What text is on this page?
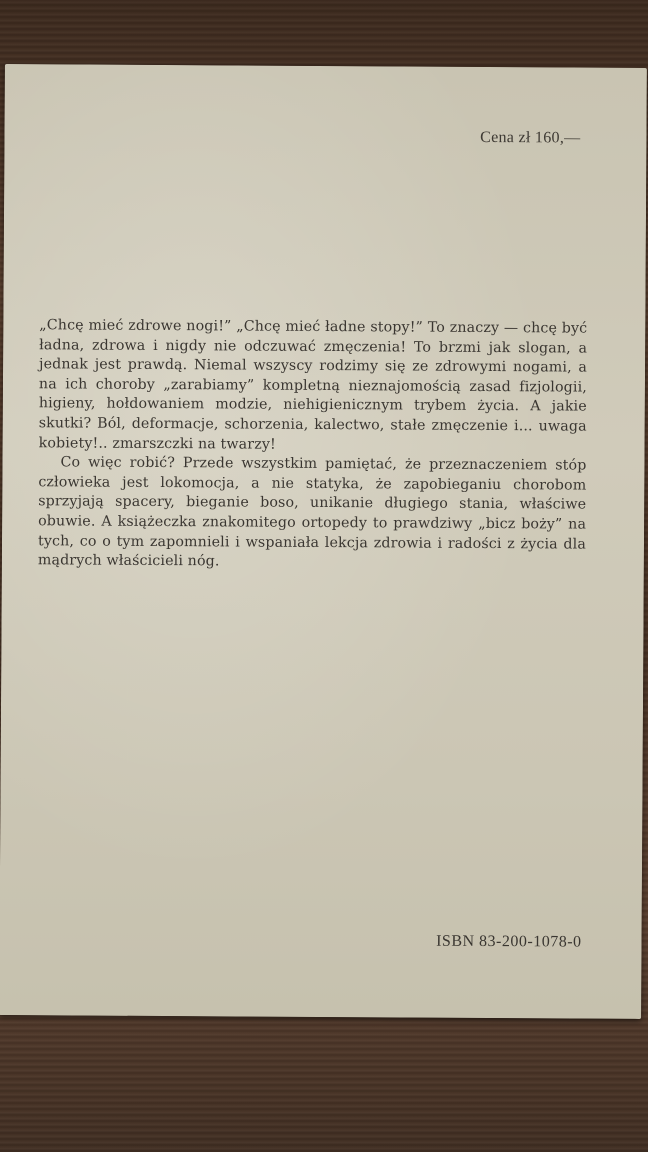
Cena zł 160,—

„Chcę mieć zdrowe nogi!” „Chcę mieć ładne stopy!” To znaczy — chcę być ładna, zdrowa i nigdy nie odczuwać zmęczenia! To brzmi jak slogan, a jednak jest prawdą. Niemal wszyscy rodzimy się ze zdrowymi nogami, a na ich choroby „zarabiamy” kompletną nieznajomością zasad fizjologii, higieny, hołdowaniem modzie, niehigienicznym trybem życia. A jakie skutki? Ból, deformacje, schorzenia, kalectwo, stałe zmęczenie i... uwaga kobiety!.. zmarszczki na twarzy!

Co więc robić? Przede wszystkim pamiętać, że przeznaczeniem stóp człowieka jest lokomocja, a nie statyka, że zapobieganiu chorobom sprzyjają spacery, bieganie boso, unikanie długiego stania, właściwe obuwie. A książeczka znakomitego ortopedy to prawdziwy „bicz boży” na tych, co o tym zapomnieli i wspaniała lekcja zdrowia i radości z życia dla mądrych właścicieli nóg.

ISBN 83-200-1078-0
